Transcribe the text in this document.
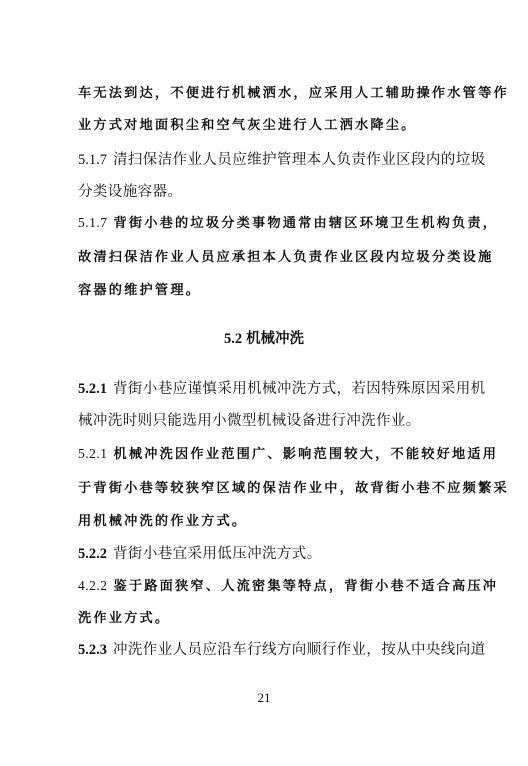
车无法到达，不便进行机械洒水，应采用人工辅助操作水管等作
业方式对地面积尘和空气灰尘进行人工洒水降尘。
5.1.7 清扫保洁作业人员应维护管理本人负责作业区段内的垃圾
分类设施容器。
5.1.7 背街小巷的垃圾分类事物通常由辖区环境卫生机构负责，
故清扫保洁作业人员应承担本人负责作业区段内垃圾分类设施
容器的维护管理。
5.2 机械冲洗
5.2.1 背街小巷应谨慎采用机械冲洗方式，若因特殊原因采用机
械冲洗时则只能选用小微型机械设备进行冲洗作业。
5.2.1 机械冲洗因作业范围广、影响范围较大，不能较好地适用
于背街小巷等较狭窄区域的保洁作业中，故背街小巷不应频繁采
用机械冲洗的作业方式。
5.2.2 背街小巷宜采用低压冲洗方式。
4.2.2 鉴于路面狭窄、人流密集等特点，背街小巷不适合高压冲
洗作业方式。
5.2.3 冲洗作业人员应沿车行线方向顺行作业，按从中央线向道
21
